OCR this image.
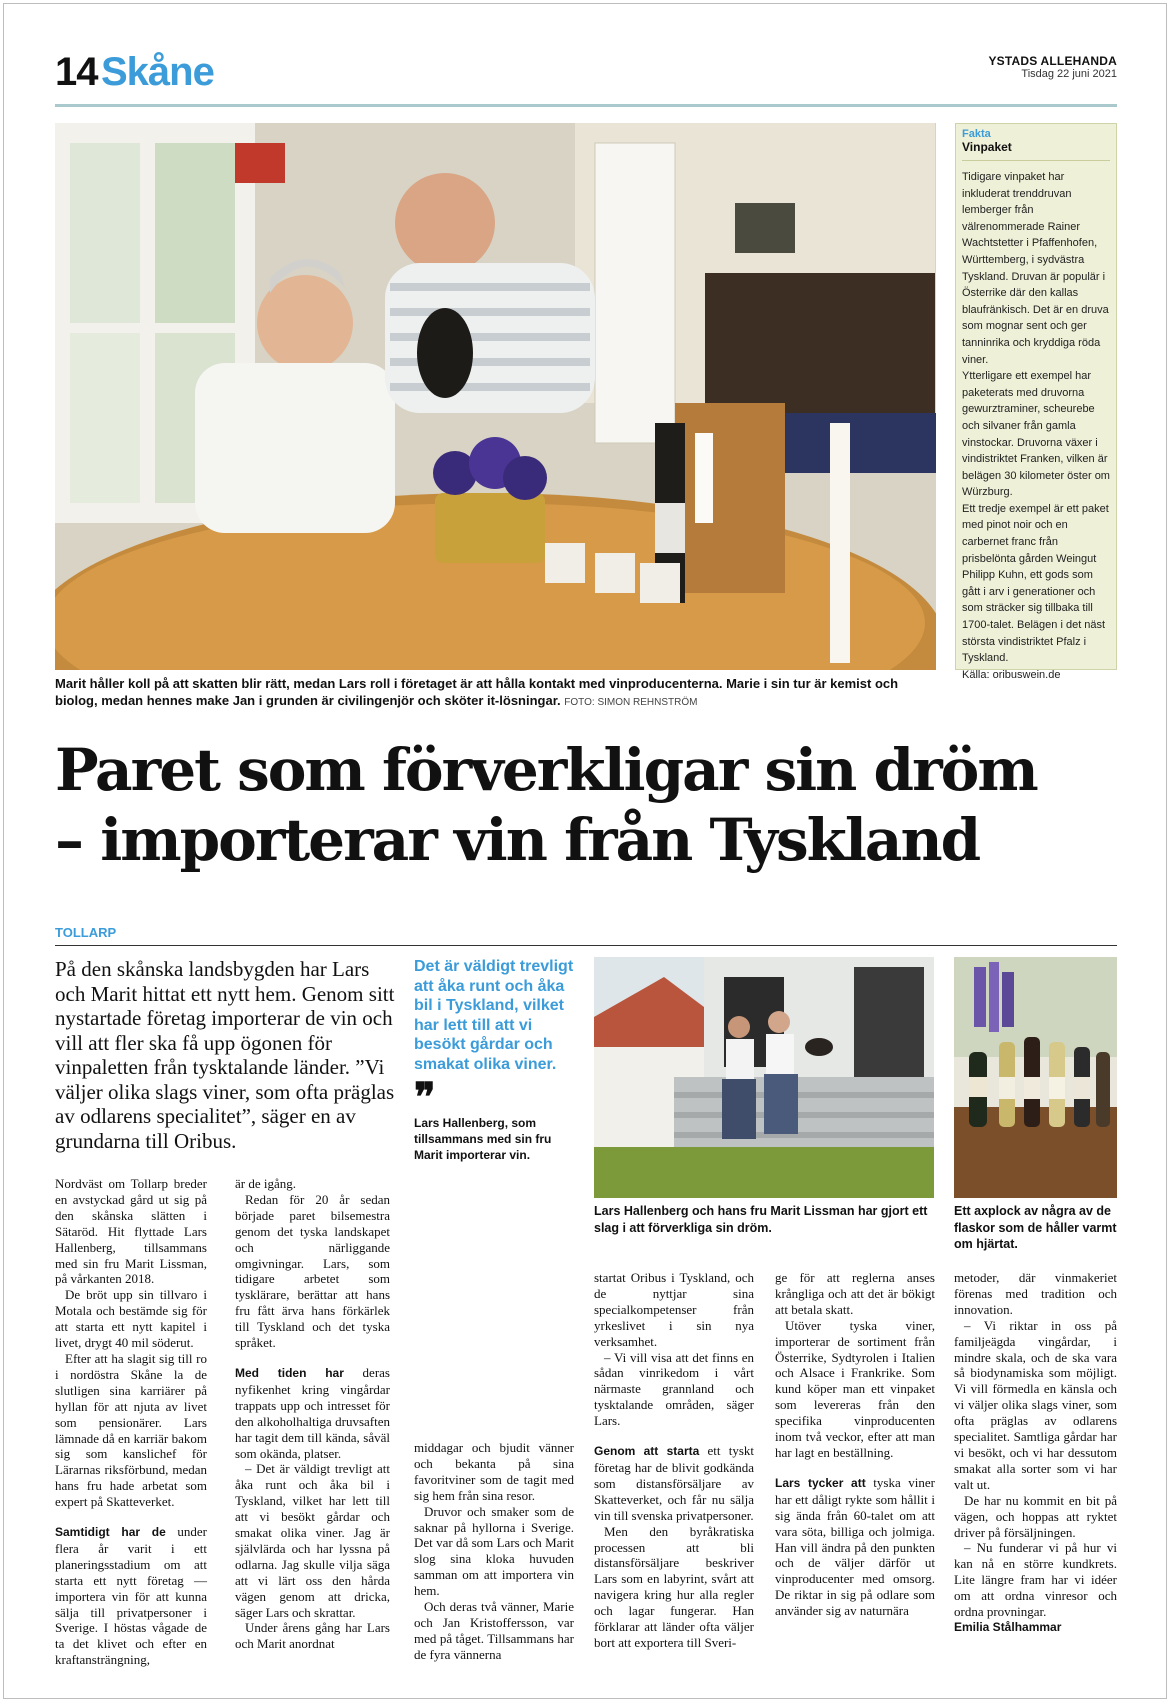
14 Skåne	YSTADS ALLEHANDA
Tisdag 22 juni 2021
Marit håller koll på att skatten blir rätt, medan Lars roll i företaget är att hålla kontakt med vinproducenterna. Marie i sin tur är kemist och biolog, medan hennes make Jan i grunden är civilingenjör och sköter it-lösningar. FOTO: SIMON REHNSTRÖM
Fakta
Vinpaket

Tidigare vinpaket har inkluderat trenddruvan lemberger från välrenommerade Rainer Wachtstetter i Pfaffenhofen, Württemberg, i sydvästra Tyskland. Druvan är populär i Österrike där den kallas blaufränkisch. Det är en druva som mognar sent och ger tanninrika och kryddiga röda viner.

Ytterligare ett exempel har paketerats med druvorna gewurztraminer, scheurebe och silvaner från gamla vinstockar. Druvorna växer i vindistriktet Franken, vilken är belägen 30 kilometer öster om Würzburg.

Ett tredje exempel är ett paket med pinot noir och en carbernet franc från prisbelönta gården Weingut Philipp Kuhn, ett gods som gått i arv i generationer och som sträcker sig tillbaka till 1700-talet. Belägen i det näst största vindistriktet Pfalz i Tyskland.

Källa: oribuswein.de

Paret som förverkligar sin dröm
– importerar vin från Tyskland
TOLLARP
På den skånska landsbygden har Lars och Marit hittat ett nytt hem. Genom sitt nystartade företag importerar de vin och vill att fler ska få upp ögonen för vinpaletten från tysktalande länder. ”Vi väljer olika slags viner, som ofta präglas av odlarens specialitet”, säger en av grundarna till Oribus.
Det är väldigt trevligt att åka runt och åka bil i Tyskland, vilket har lett till att vi besökt gårdar och smakat olika viner.
❞
Lars Hallenberg, som tillsammans med sin fru Marit importerar vin.
Lars Hallenberg och hans fru Marit Lissman har gjort ett slag i att förverkliga sin dröm.
Ett axplock av några av de flaskor som de håller varmt om hjärtat.

Nordväst om Tollarp breder en avstyckad gård ut sig på den skånska slätten i Sätaröd. Hit flyttade Lars Hallenberg, tillsammans med sin fru Marit Lissman, på vårkanten 2018.

De bröt upp sin tillvaro i Motala och bestämde sig för att starta ett nytt kapitel i livet, drygt 40 mil söderut.

Efter att ha slagit sig till ro i nordöstra Skåne la de slutligen sina karriärer på hyllan för att njuta av livet som pensionärer. Lars lämnade då en karriär bakom sig som kanslichef för Lärarnas riksförbund, medan hans fru hade arbetat som expert på Skatteverket.

Samtidigt har de under flera år varit i ett planeringsstadium om att starta ett nytt företag — importera vin för att kunna sälja till privatpersoner i Sverige. I höstas vågade de ta det klivet och efter en kraftansträngning,

är de igång.

Redan för 20 år sedan började paret bilsemestra genom det tyska landskapet och närliggande omgivningar. Lars, som tidigare arbetet som tysklärare, berättar att hans fru fått ärva hans förkärlek till Tyskland och det tyska språket.

Med tiden har deras nyfikenhet kring vingårdar trappats upp och intresset för den alkoholhaltiga druvsaften har tagit dem till kända, såväl som okända, platser.

– Det är väldigt trevligt att åka runt och åka bil i Tyskland, vilket har lett till att vi besökt gårdar och smakat olika viner. Jag är självlärda och har lyssna på odlarna. Jag skulle vilja säga att vi lärt oss den hårda vägen genom att dricka, säger Lars och skrattar.

Under årens gång har Lars och Marit anordnat

middagar och bjudit vänner och bekanta på sina favoritviner som de tagit med sig hem från sina resor.

Druvor och smaker som de saknar på hyllorna i Sverige. Det var då som Lars och Marit slog sina kloka huvuden samman om att importera vin hem.

Och deras två vänner, Marie och Jan Kristoffersson, var med på tåget. Tillsammans har de fyra vännerna

startat Oribus i Tyskland, och de nyttjar sina specialkompetenser från yrkeslivet i sin nya verksamhet.

– Vi vill visa att det finns en sådan vinrikedom i vårt närmaste grannland och tysktalande områden, säger Lars.

Genom att starta ett tyskt företag har de blivit godkända som distansförsäljare av Skatteverket, och får nu sälja vin till svenska privatpersoner.

Men den byråkratiska processen att bli distansförsäljare beskriver Lars som en labyrint, svårt att navigera kring hur alla regler och lagar fungerar. Han förklarar att länder ofta väljer bort att exportera till Sveri-

ge för att reglerna anses krångliga och att det är bökigt att betala skatt.

Utöver tyska viner, importerar de sortiment från Österrike, Sydtyrolen i Italien och Alsace i Frankrike. Som kund köper man ett vinpaket som levereras från den specifika vinproducenten inom två veckor, efter att man har lagt en beställning.

Lars tycker att tyska viner har ett dåligt rykte som hållit i sig ända från 60-talet om att vara söta, billiga och jolmiga. Han vill ändra på den punkten och de väljer därför ut vinproducenter med omsorg. De riktar in sig på odlare som använder sig av naturnära

metoder, där vinmakeriet förenas med tradition och innovation.

– Vi riktar in oss på familjeägda vingårdar, i mindre skala, och de ska vara så biodynamiska som möjligt. Vi vill förmedla en känsla och vi väljer olika slags viner, som ofta präglas av odlarens specialitet. Samtliga gårdar har vi besökt, och vi har dessutom smakat alla sorter som vi har valt ut.

De har nu kommit en bit på vägen, och hoppas att ryktet driver på försäljningen.

– Nu funderar vi på hur vi kan nå en större kundkrets. Lite längre fram har vi idéer om att ordna vinresor och ordna provningar.

Emilia Stålhammar
